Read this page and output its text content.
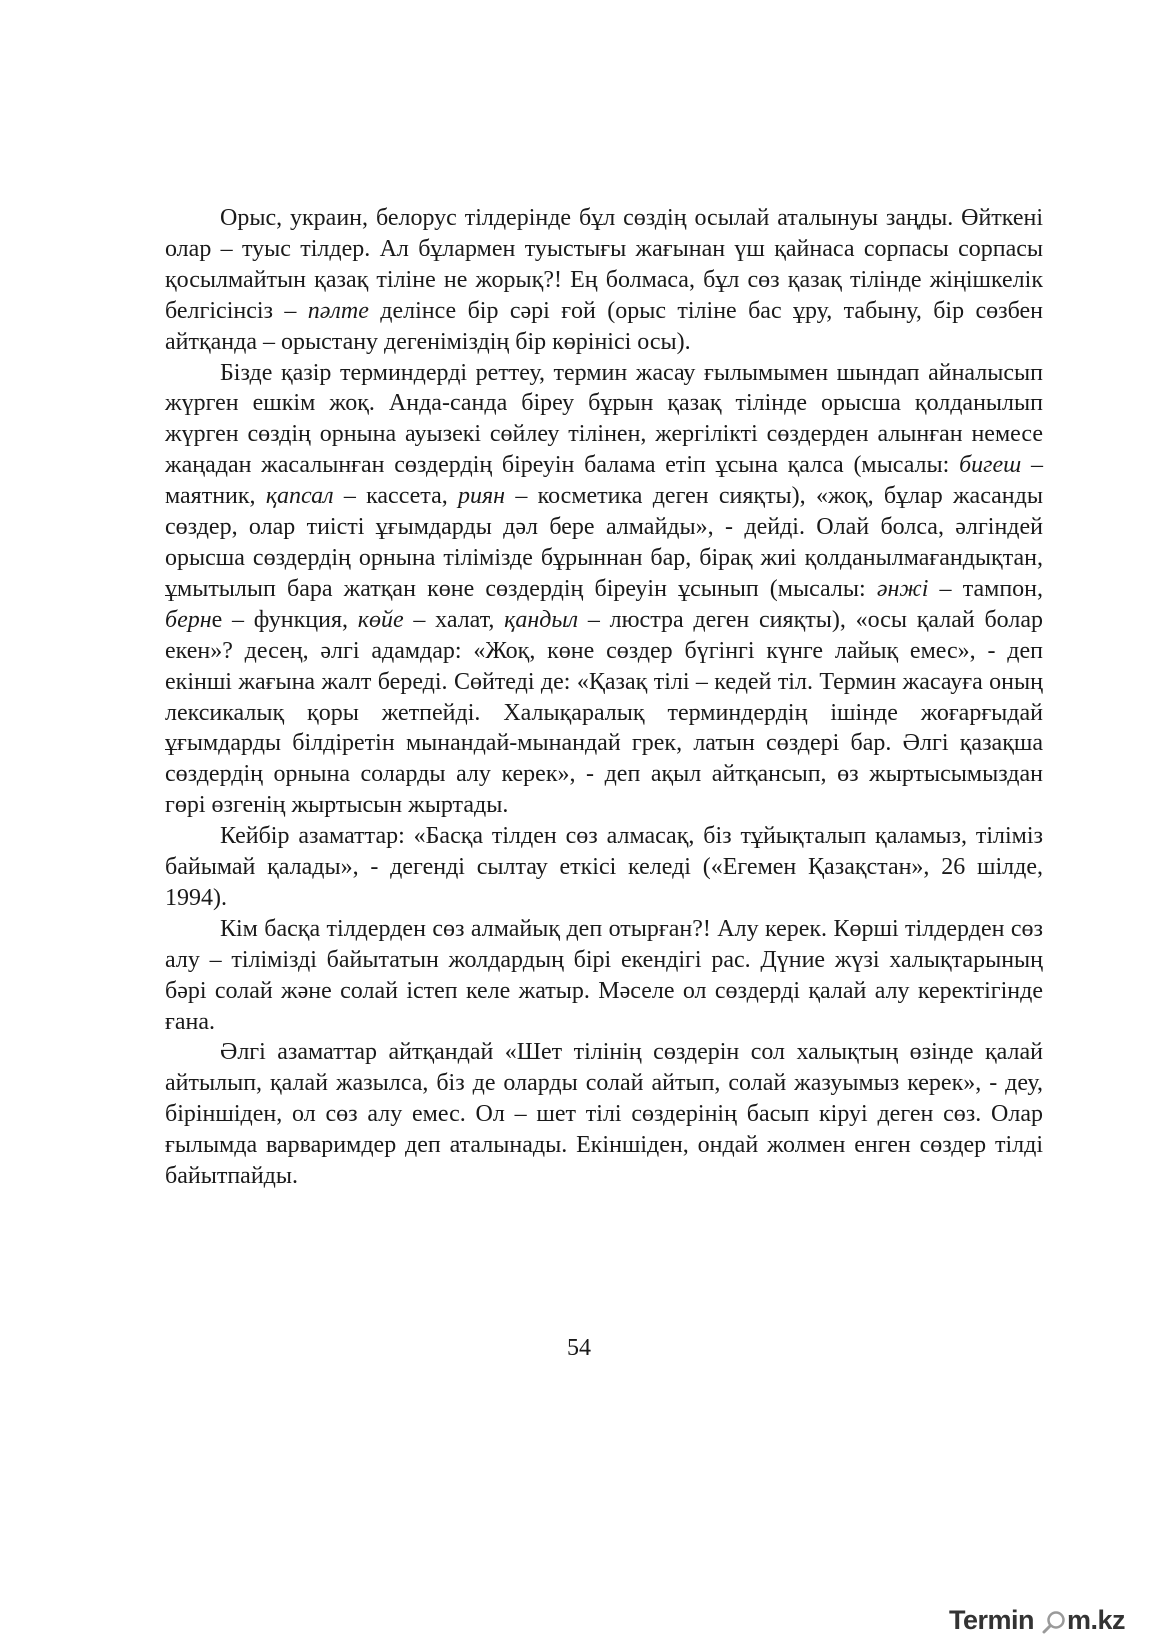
Орыс, украин, белорус тілдерінде бұл сөздің осылай аталынуы заңды. Өйткені олар – туыс тілдер. Ал бұлармен туыстығы жағынан үш қайнаса сорпасы сорпасы қосылмайтын қазақ тіліне не жорық?! Ең болмаса, бұл сөз қазақ тілінде жіңішкелік белгісінсіз – пәлте делінсе бір сәрі ғой (орыс тіліне бас ұру, табыну, бір сөзбен айтқанда – орыстану дегеніміздің бір көрінісі осы).

Бізде қазір терминдерді реттеу, термин жасау ғылымымен шындап айналысып жүрген ешкім жоқ. Анда-санда біреу бұрын қазақ тілінде орысша қолданылып жүрген сөздің орнына ауызекі сөйлеу тілінен, жергілікті сөздерден алынған немесе жаңадан жасалынған сөздердің біреуін балама етіп ұсына қалса (мысалы: бигеш – маятник, қапсал – кассета, риян – косметика деген сияқты), «жоқ, бұлар жасанды сөздер, олар тиісті ұғымдарды дәл бере алмайды», - дейді. Олай болса, әлгіндей орысша сөздердің орнына тілімізде бұрыннан бар, бірақ жиі қолданылмағандықтан, ұмытылып бара жатқан көне сөздердің біреуін ұсынып (мысалы: әнжі – тампон, берне – функция, көйе – халат, қандыл – люстра деген сияқты), «осы қалай болар екен»? десең, әлгі адамдар: «Жоқ, көне сөздер бүгінгі күнге лайық емес», - деп екінші жағына жалт береді. Сөйтеді де: «Қазақ тілі – кедей тіл. Термин жасауға оның лексикалық қоры жетпейді. Халықаралық терминдердің ішінде жоғарғыдай ұғымдарды білдіретін мынандай-мынандай грек, латын сөздері бар. Әлгі қазақша сөздердің орнына соларды алу керек», - деп ақыл айтқансып, өз жыртысымыздан гөрі өзгенің жыртысын жыртады.

Кейбір азаматтар: «Басқа тілден сөз алмасақ, біз тұйықталып қаламыз, тіліміз байымай қалады», - дегенді сылтау еткісі келеді («Егемен Қазақстан», 26 шілде, 1994).

Кім басқа тілдерден сөз алмайық деп отырған?! Алу керек. Көрші тілдерден сөз алу – тілімізді байытатын жолдардың бірі екендігі рас. Дүние жүзі халықтарының бәрі солай және солай істеп келе жатыр. Мәселе ол сөздерді қалай алу керектігінде ғана.

Әлгі азаматтар айтқандай «Шет тілінің сөздерін сол халықтың өзінде қалай айтылып, қалай жазылса, біз де оларды солай айтып, солай жазуымыз керек», - деу, біріншіден, ол сөз алу емес. Ол – шет тілі сөздерінің басып кіруі деген сөз. Олар ғылымда варваримдер деп аталынады. Екіншіден, ондай жолмен енген сөздер тілді байытпайды.

54
Termin m.kz
